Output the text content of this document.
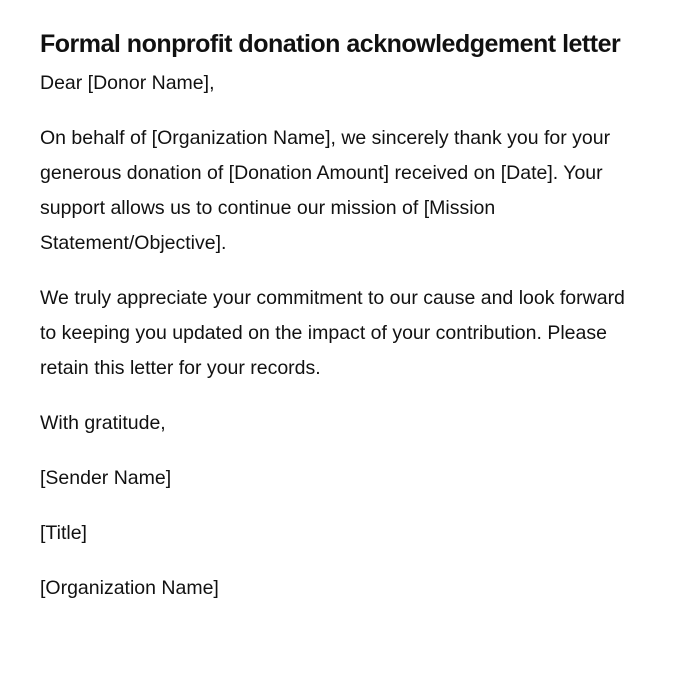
Formal nonprofit donation acknowledgement letter

Dear [Donor Name],

On behalf of [Organization Name], we sincerely thank you for your generous donation of [Donation Amount] received on [Date]. Your support allows us to continue our mission of [Mission Statement/Objective].

We truly appreciate your commitment to our cause and look forward to keeping you updated on the impact of your contribution. Please retain this letter for your records.

With gratitude,

[Sender Name]

[Title]

[Organization Name]
